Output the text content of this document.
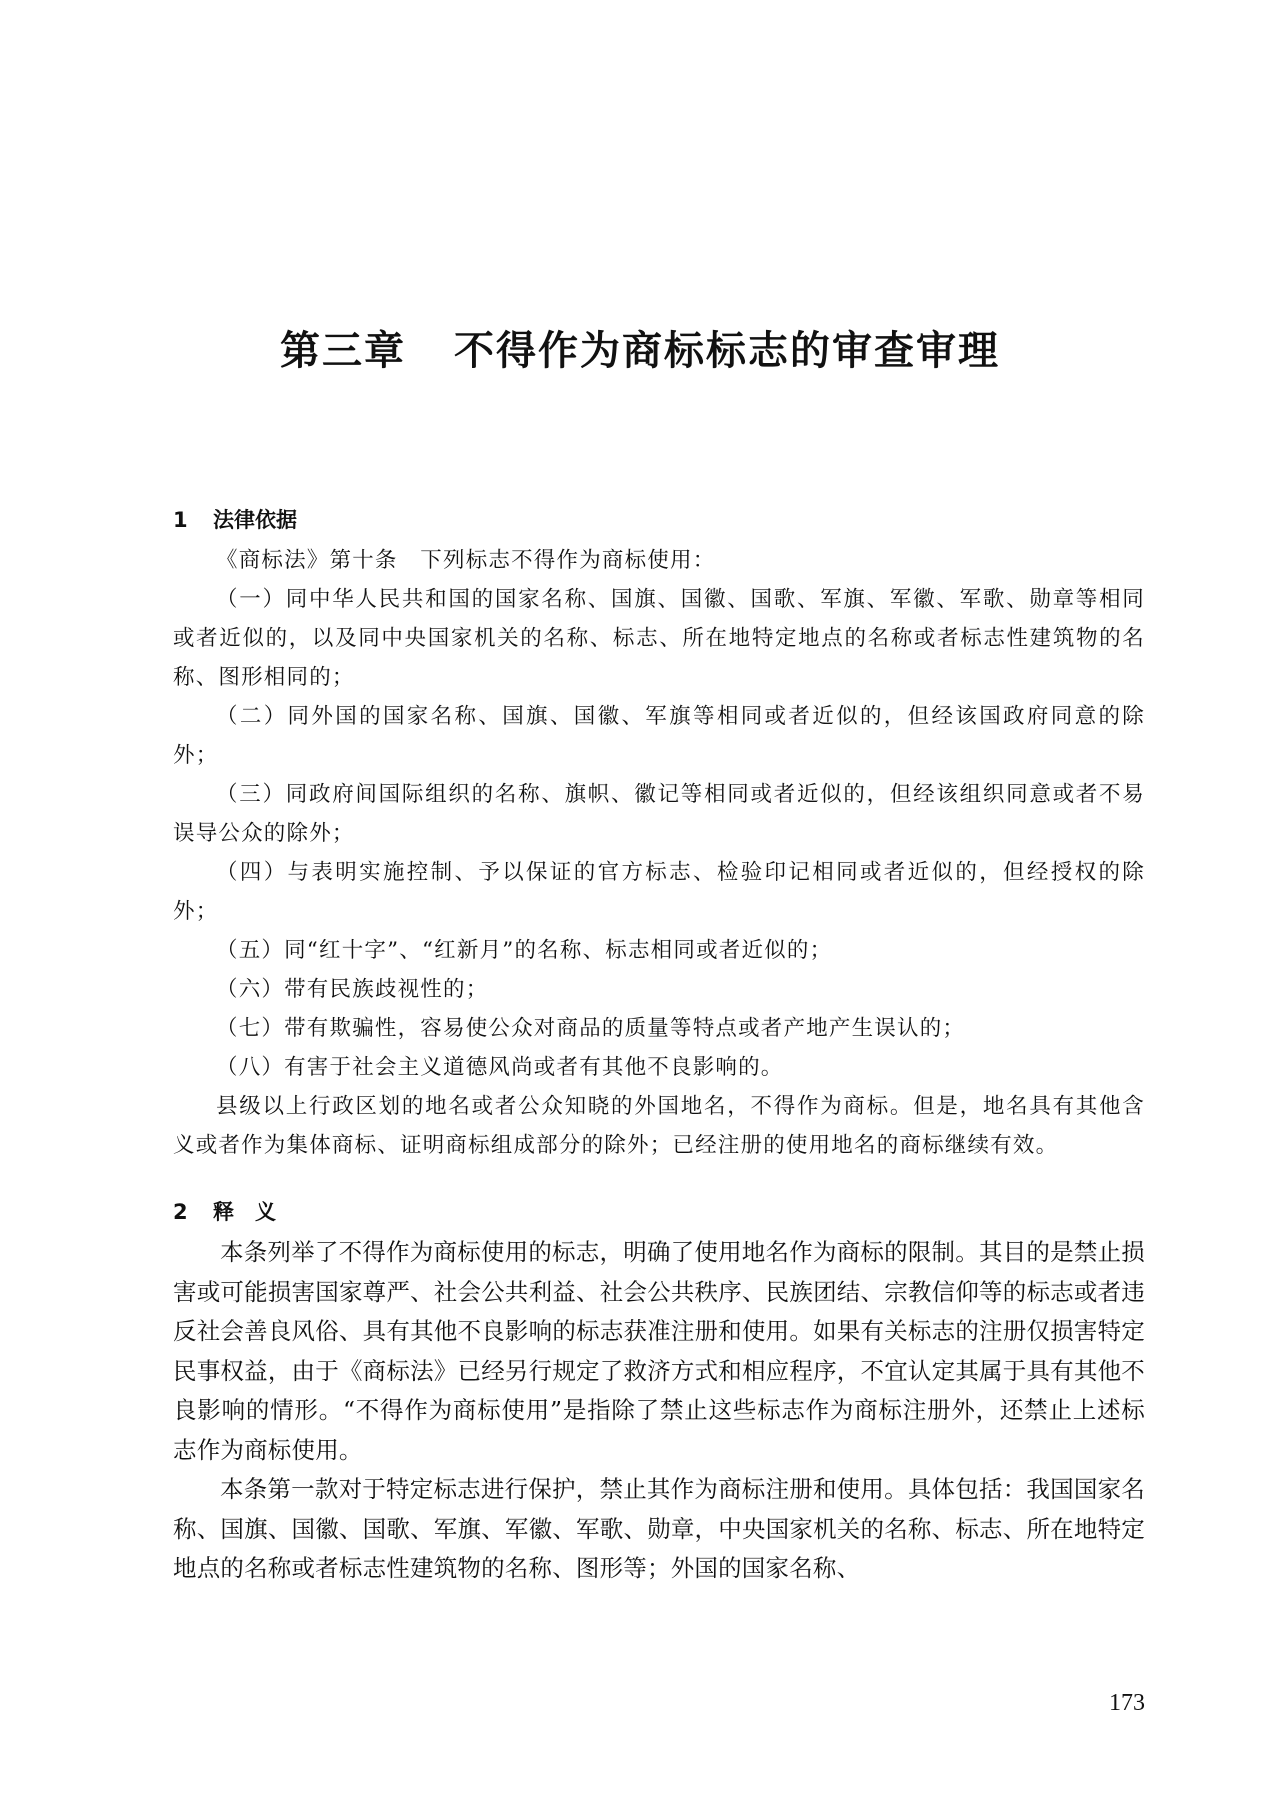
第三章 不得作为商标标志的审查审理
1 法律依据

《商标法》第十条　下列标志不得作为商标使用：

（一）同中华人民共和国的国家名称、国旗、国徽、国歌、军旗、军徽、军歌、勋章等相同或者近似的，以及同中央国家机关的名称、标志、所在地特定地点的名称或者标志性建筑物的名称、图形相同的；

（二）同外国的国家名称、国旗、国徽、军旗等相同或者近似的，但经该国政府同意的除外；

（三）同政府间国际组织的名称、旗帜、徽记等相同或者近似的，但经该组织同意或者不易误导公众的除外；

（四）与表明实施控制、予以保证的官方标志、检验印记相同或者近似的，但经授权的除外；

（五）同“红十字”、“红新月”的名称、标志相同或者近似的；

（六）带有民族歧视性的；

（七）带有欺骗性，容易使公众对商品的质量等特点或者产地产生误认的；

（八）有害于社会主义道德风尚或者有其他不良影响的。

县级以上行政区划的地名或者公众知晓的外国地名，不得作为商标。但是，地名具有其他含义或者作为集体商标、证明商标组成部分的除外；已经注册的使用地名的商标继续有效。

2 释　义

本条列举了不得作为商标使用的标志，明确了使用地名作为商标的限制。其目的是禁止损害或可能损害国家尊严、社会公共利益、社会公共秩序、民族团结、宗教信仰等的标志或者违反社会善良风俗、具有其他不良影响的标志获准注册和使用。如果有关标志的注册仅损害特定民事权益，由于《商标法》已经另行规定了救济方式和相应程序，不宜认定其属于具有其他不良影响的情形。“不得作为商标使用”是指除了禁止这些标志作为商标注册外，还禁止上述标志作为商标使用。

本条第一款对于特定标志进行保护，禁止其作为商标注册和使用。具体包括：我国国家名称、国旗、国徽、国歌、军旗、军徽、军歌、勋章，中央国家机关的名称、标志、所在地特定地点的名称或者标志性建筑物的名称、图形等；外国的国家名称、

173
